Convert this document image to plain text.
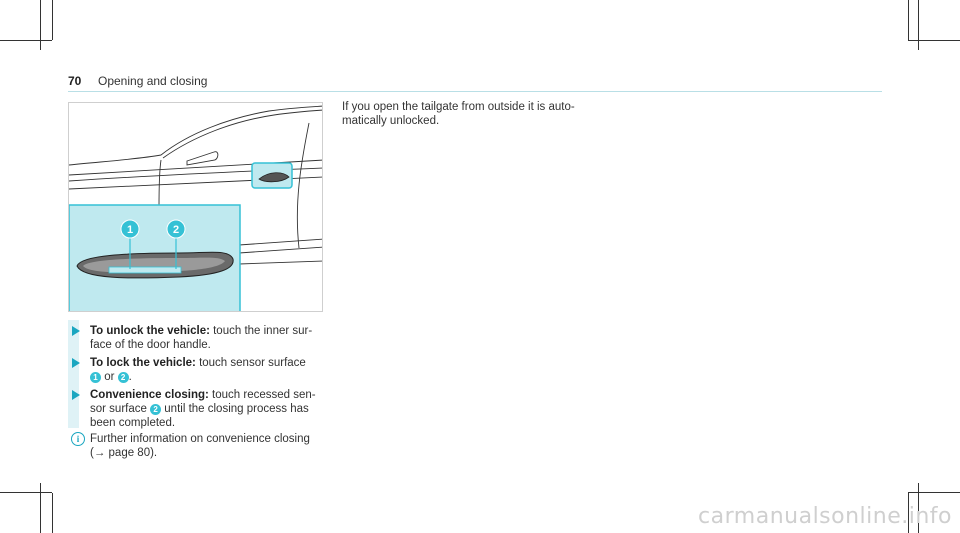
70 Opening and closing
1	2
To unlock the vehicle: touch the inner sur- face of the door handle.
To lock the vehicle: touch sensor surface
1 or 2 .
Convenience closing: touch recessed sen- sor surface 2 until the closing process has been completed.
i Further information on convenience closing
(→ page 80).
If you open the tailgate from outside it is auto- matically unlocked.
carmanualsonline.info
